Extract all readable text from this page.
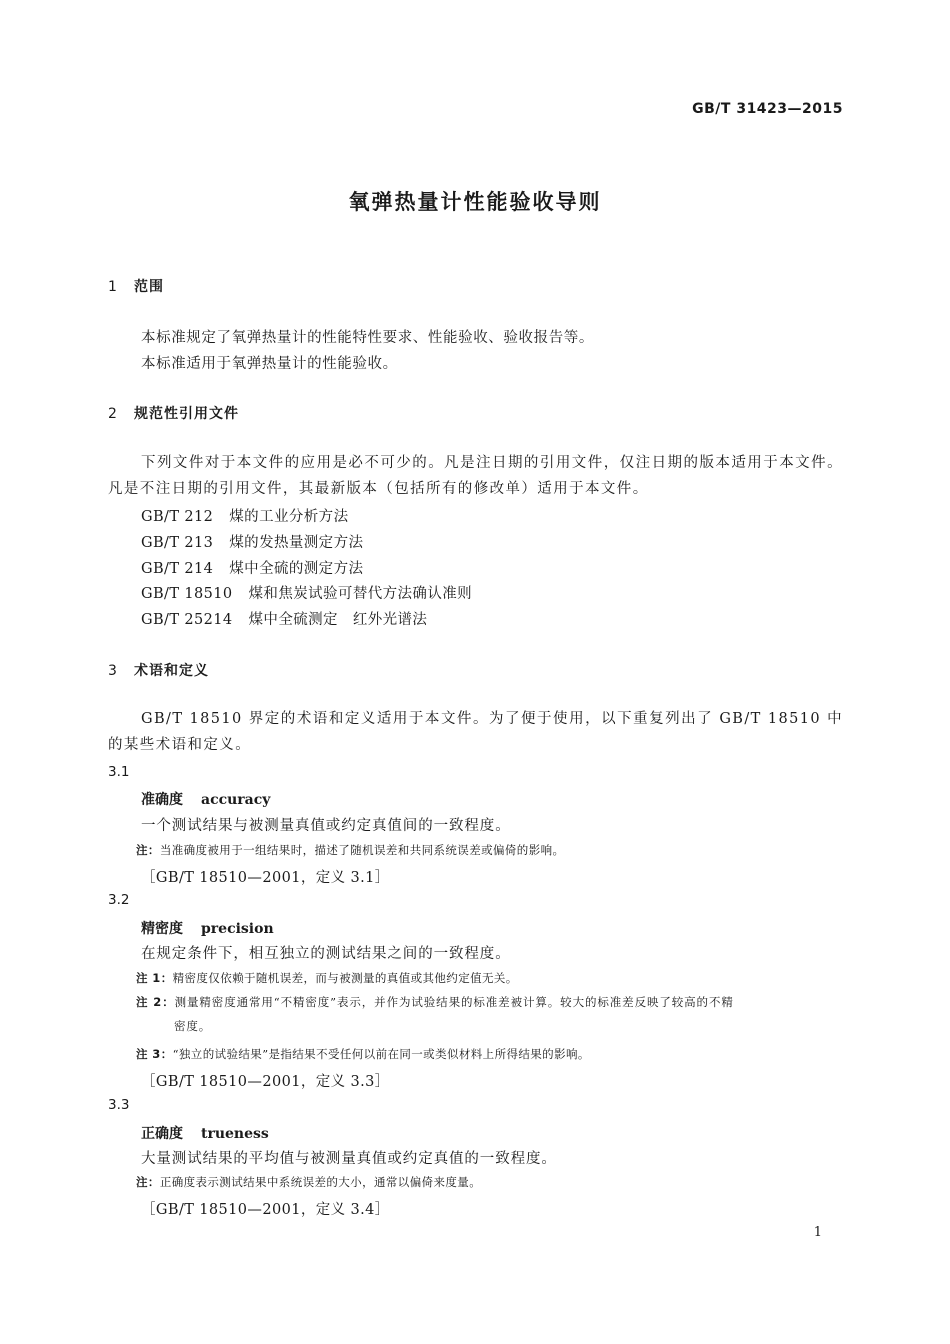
GB/T 31423—2015
氧弹热量计性能验收导则
1 范围
本标准规定了氧弹热量计的性能特性要求、性能验收、验收报告等。
本标准适用于氧弹热量计的性能验收。
2 规范性引用文件
下列文件对于本文件的应用是必不可少的。凡是注日期的引用文件，仅注日期的版本适用于本文件。凡是不注日期的引用文件，其最新版本（包括所有的修改单）适用于本文件。
GB/T 212 煤的工业分析方法
GB/T 213 煤的发热量测定方法
GB/T 214 煤中全硫的测定方法
GB/T 18510 煤和焦炭试验可替代方法确认准则
GB/T 25214 煤中全硫测定　红外光谱法
3 术语和定义
GB/T 18510 界定的术语和定义适用于本文件。为了便于使用，以下重复列出了 GB/T 18510 中的某些术语和定义。
3.1
准确度 accuracy
一个测试结果与被测量真值或约定真值间的一致程度。
注：当准确度被用于一组结果时，描述了随机误差和共同系统误差或偏倚的影响。
［GB/T 18510—2001，定义 3.1］
3.2
精密度 precision
在规定条件下，相互独立的测试结果之间的一致程度。
注 1：精密度仅依赖于随机误差，而与被测量的真值或其他约定值无关。
注 2：测量精密度通常用“不精密度”表示，并作为试验结果的标准差被计算。较大的标准差反映了较高的不精
密度。
注 3：“独立的试验结果”是指结果不受任何以前在同一或类似材料上所得结果的影响。
［GB/T 18510—2001，定义 3.3］
3.3
正确度 trueness
大量测试结果的平均值与被测量真值或约定真值的一致程度。
注：正确度表示测试结果中系统误差的大小，通常以偏倚来度量。
［GB/T 18510—2001，定义 3.4］
1
